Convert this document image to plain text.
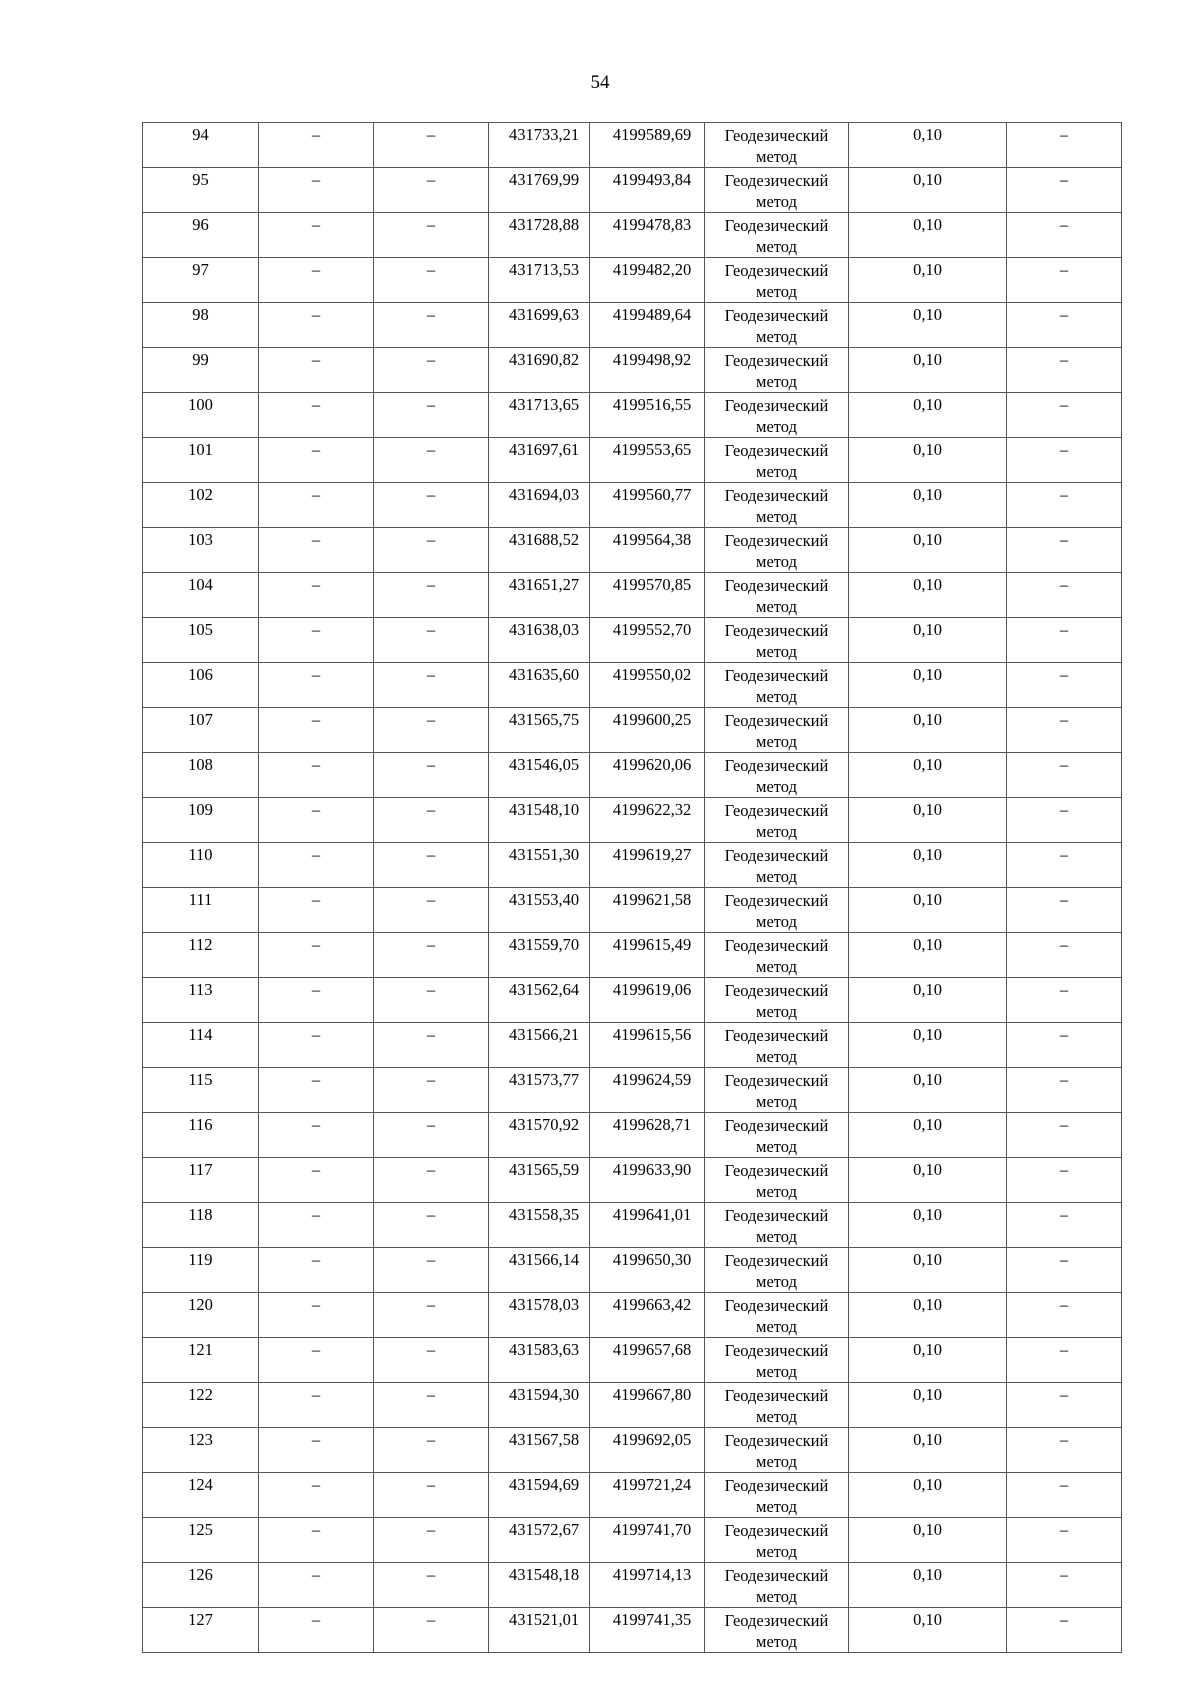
54
94	–	–	431733,21	4199589,69	Геодезический метод	0,10	–

95	–	–	431769,99	4199493,84	Геодезический метод	0,10	–

96	–	–	431728,88	4199478,83	Геодезический метод	0,10	–

97	–	–	431713,53	4199482,20	Геодезический метод	0,10	–

98	–	–	431699,63	4199489,64	Геодезический метод	0,10	–

99	–	–	431690,82	4199498,92	Геодезический метод	0,10	–

100	–	–	431713,65	4199516,55	Геодезический метод	0,10	–

101	–	–	431697,61	4199553,65	Геодезический метод	0,10	–

102	–	–	431694,03	4199560,77	Геодезический метод	0,10	–

103	–	–	431688,52	4199564,38	Геодезический метод	0,10	–

104	–	–	431651,27	4199570,85	Геодезический метод	0,10	–

105	–	–	431638,03	4199552,70	Геодезический метод	0,10	–

106	–	–	431635,60	4199550,02	Геодезический метод	0,10	–

107	–	–	431565,75	4199600,25	Геодезический метод	0,10	–

108	–	–	431546,05	4199620,06	Геодезический метод	0,10	–

109	–	–	431548,10	4199622,32	Геодезический метод	0,10	–

110	–	–	431551,30	4199619,27	Геодезический метод	0,10	–

111	–	–	431553,40	4199621,58	Геодезический метод	0,10	–

112	–	–	431559,70	4199615,49	Геодезический метод	0,10	–

113	–	–	431562,64	4199619,06	Геодезический метод	0,10	–

114	–	–	431566,21	4199615,56	Геодезический метод	0,10	–

115	–	–	431573,77	4199624,59	Геодезический метод	0,10	–

116	–	–	431570,92	4199628,71	Геодезический метод	0,10	–

117	–	–	431565,59	4199633,90	Геодезический метод	0,10	–

118	–	–	431558,35	4199641,01	Геодезический метод	0,10	–

119	–	–	431566,14	4199650,30	Геодезический метод	0,10	–

120	–	–	431578,03	4199663,42	Геодезический метод	0,10	–

121	–	–	431583,63	4199657,68	Геодезический метод	0,10	–

122	–	–	431594,30	4199667,80	Геодезический метод	0,10	–

123	–	–	431567,58	4199692,05	Геодезический метод	0,10	–

124	–	–	431594,69	4199721,24	Геодезический метод	0,10	–

125	–	–	431572,67	4199741,70	Геодезический метод	0,10	–

126	–	–	431548,18	4199714,13	Геодезический метод	0,10	–

127	–	–	431521,01	4199741,35	Геодезический метод	0,10	–
